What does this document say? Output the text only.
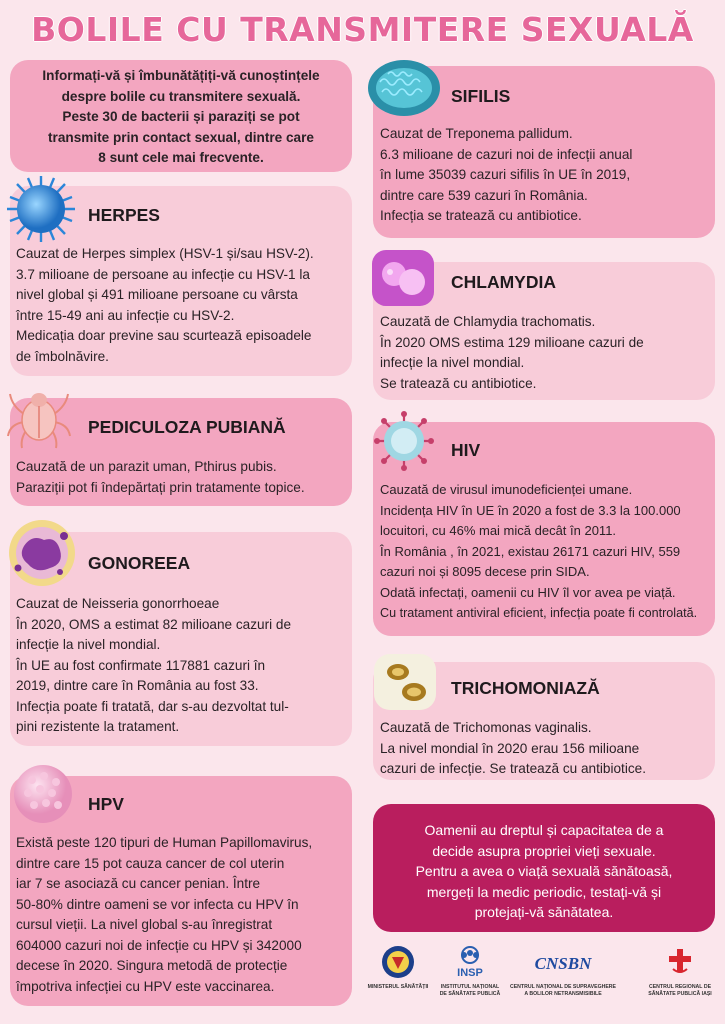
BOLILE CU TRANSMITERE SEXUALĂ
Informați-vă și îmbunătățiți-vă cunoștințele
despre bolile cu transmitere sexuală.
Peste 30 de bacterii și paraziți se pot
transmite prin contact sexual, dintre care
8 sunt cele mai frecvente.
HERPES
Cauzat de Herpes simplex (HSV-1 și/sau HSV-2).
3.7 milioane de persoane au infecție cu HSV-1 la
nivel global și 491 milioane persoane cu vârsta
între 15-49 ani au infecție cu HSV-2.
Medicația doar previne sau scurtează episoadele
de îmbolnăvire.
PEDICULOZA PUBIANĂ
Cauzată de un parazit uman, Pthirus pubis.
Paraziții pot fi îndepărtați prin tratamente topice.
GONOREEA
Cauzat de Neisseria gonorrhoeae
În 2020, OMS a estimat 82 milioane cazuri de
infecție la nivel mondial.
În UE au fost confirmate 117881 cazuri în
2019, dintre care în România au fost 33.
Infecția poate fi tratată, dar s-au dezvoltat tul-
pini rezistente la tratament.
HPV
Există peste 120 tipuri de Human Papillomavirus,
dintre care 15 pot cauza cancer de col uterin
iar 7 se asociază cu cancer penian. Între
50-80% dintre oameni se vor infecta cu HPV în
cursul vieții. La nivel global s-au înregistrat
604000 cazuri noi de infecție cu HPV și 342000
decese în 2020. Singura metodă de protecție
împotriva infecției cu HPV este vaccinarea.
SIFILIS
Cauzat de Treponema pallidum.
6.3 milioane de cazuri noi de infecții anual
în lume 35039 cazuri sifilis în UE în 2019,
dintre care 539 cazuri în România.
Infecția se tratează cu antibiotice.
CHLAMYDIA
Cauzată de Chlamydia trachomatis.
În 2020 OMS estima 129 milioane cazuri de
infecție la nivel mondial.
Se tratează cu antibiotice.
HIV
Cauzată de virusul imunodeficienței umane.
Incidența HIV în UE în 2020 a fost de 3.3 la 100.000
locuitori, cu 46% mai mică decât în 2011.
În România , în 2021, existau 26171 cazuri HIV, 559
cazuri noi și 8095 decese prin SIDA.
Odată infectați, oamenii cu HIV îl vor avea pe viață.
Cu tratament antiviral eficient, infecția poate fi controlată.
TRICHOMONIAZĂ
Cauzată de Trichomonas vaginalis.
La nivel mondial în 2020 erau 156 milioane
cazuri de infecție. Se tratează cu antibiotice.
Oamenii au dreptul și capacitatea de a
decide asupra propriei vieți sexuale.
Pentru a avea o viață sexuală sănătoasă,
mergeți la medic periodic, testați-vă și
protejați-vă sănătatea.
MINISTERUL SĂNĂTĂȚII
INSP
INSTITUTUL NAȚIONAL
DE SĂNĂTATE PUBLICĂ
CNSBN
CENTRUL NAȚIONAL DE SUPRAVEGHERE
A BOLILOR NETRANSMISIBILE
CENTRUL REGIONAL DE
SĂNĂTATE PUBLICĂ IAȘI
